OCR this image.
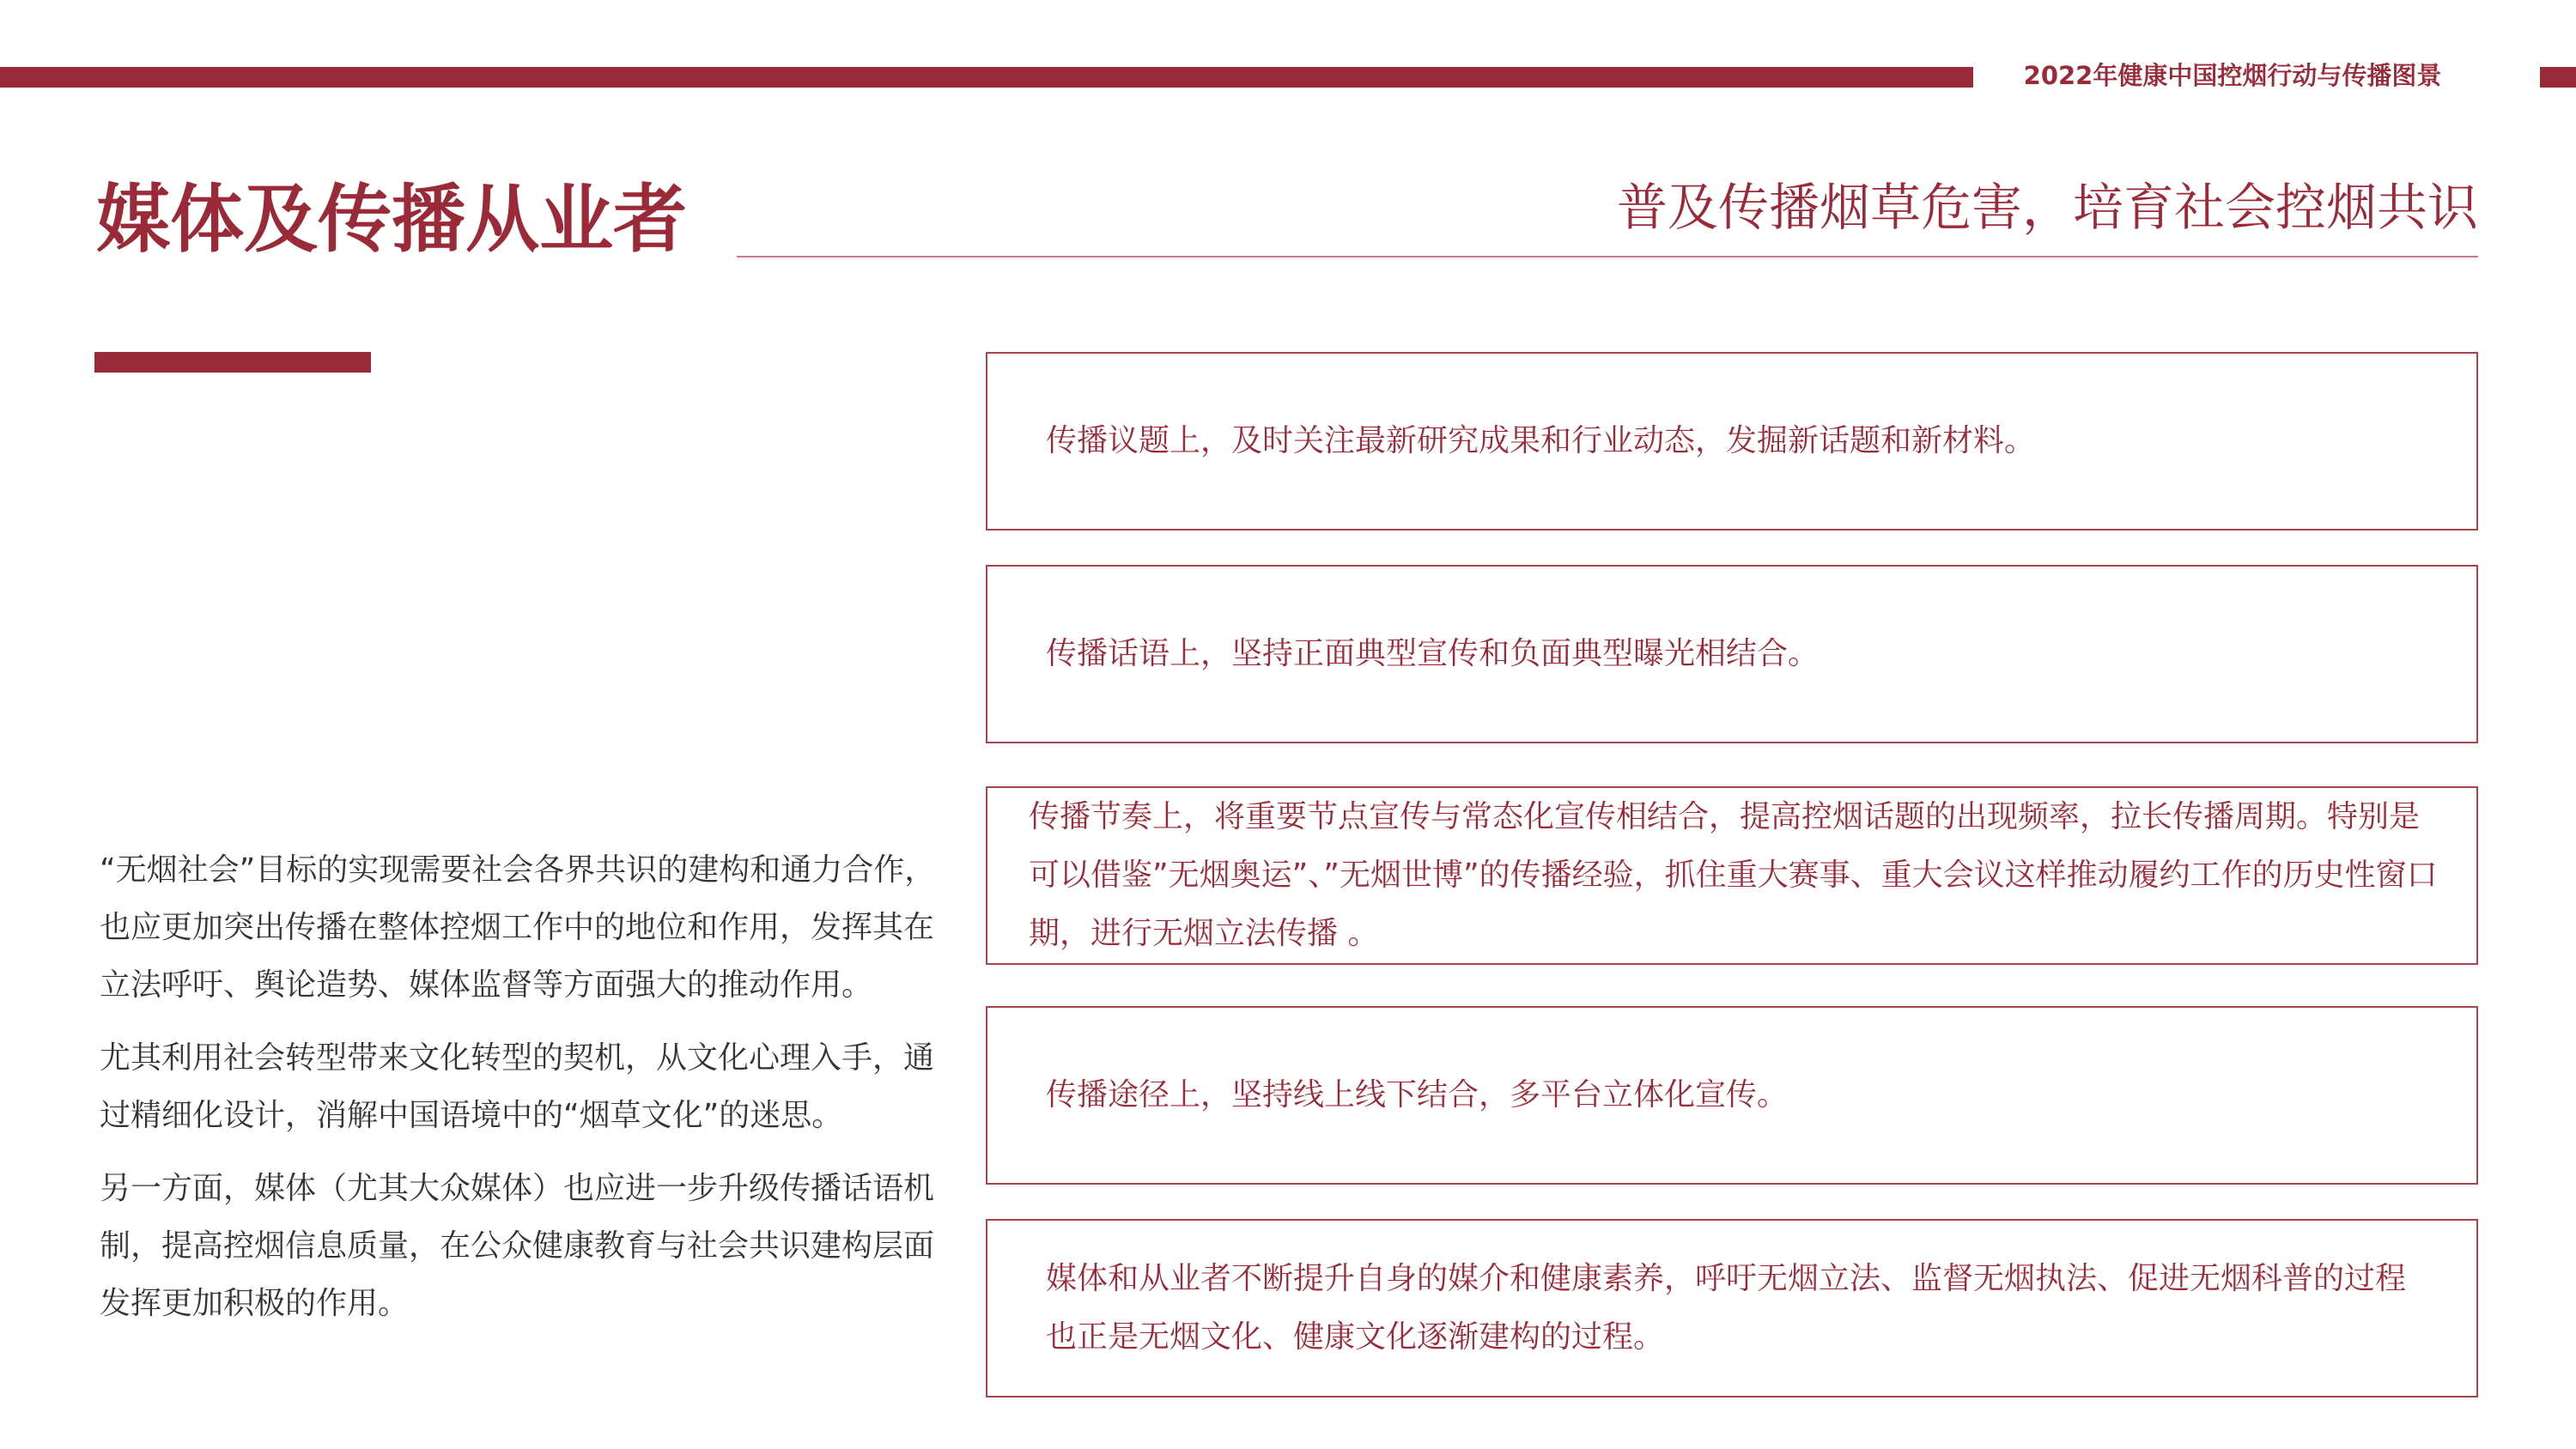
2022年健康中国控烟行动与传播图景
媒体及传播从业者	普及传播烟草危害，培育社会控烟共识

“无烟社会”目标的实现需要社会各界共识的建构和通力合作，也应更加突出传播在整体控烟工作中的地位和作用，发挥其在立法呼吁、舆论造势、媒体监督等方面强大的推动作用。

尤其利用社会转型带来文化转型的契机，从文化心理入手，通过精细化设计，消解中国语境中的“烟草文化”的迷思。

另一方面，媒体（尤其大众媒体）也应进一步升级传播话语机制，提高控烟信息质量，在公众健康教育与社会共识建构层面发挥更加积极的作用。

传播议题上，及时关注最新研究成果和行业动态，发掘新话题和新材料。
传播话语上，坚持正面典型宣传和负面典型曝光相结合。
传播节奏上，将重要节点宣传与常态化宣传相结合，提高控烟话题的出现频率，拉长传播周期。特别是可以借鉴”无烟奥运”、”无烟世博”的传播经验，抓住重大赛事、重大会议这样推动履约工作的历史性窗口期，进行无烟立法传播 。
传播途径上，坚持线上线下结合，多平台立体化宣传。
媒体和从业者不断提升自身的媒介和健康素养，呼吁无烟立法、监督无烟执法、促进无烟科普的过程也正是无烟文化、健康文化逐渐建构的过程。
